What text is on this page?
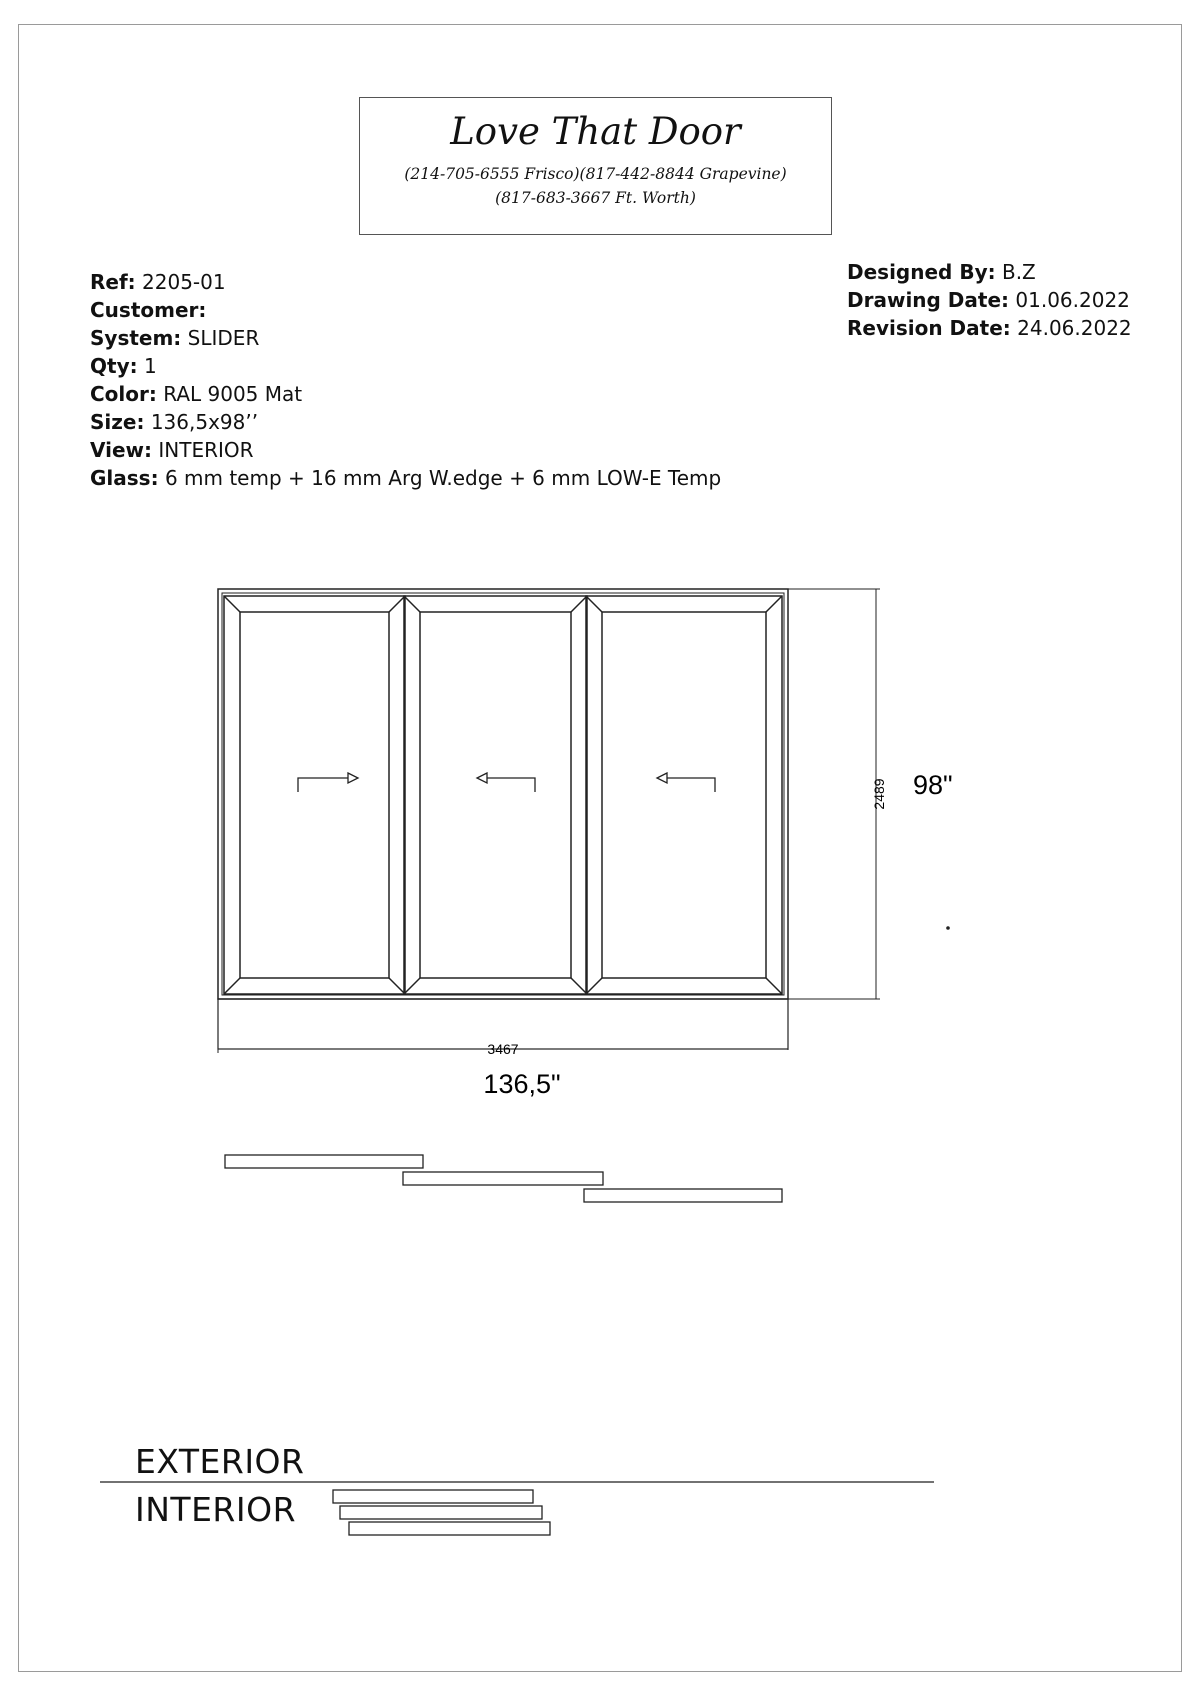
Love That Door
(214-705-6555 Frisco)(817-442-8844 Grapevine)
(817-683-3667 Ft. Worth)
Ref: 2205-01
Customer:
System: SLIDER
Qty: 1
Color: RAL 9005 Mat
Size: 136,5x98’’
View: INTERIOR
Glass: 6 mm temp + 16 mm Arg W.edge + 6 mm LOW-E Temp
Designed By: B.Z
Drawing Date: 01.06.2022
Revision Date: 24.06.2022
2489 98"
3467
136,5"
EXTERIOR
INTERIOR
